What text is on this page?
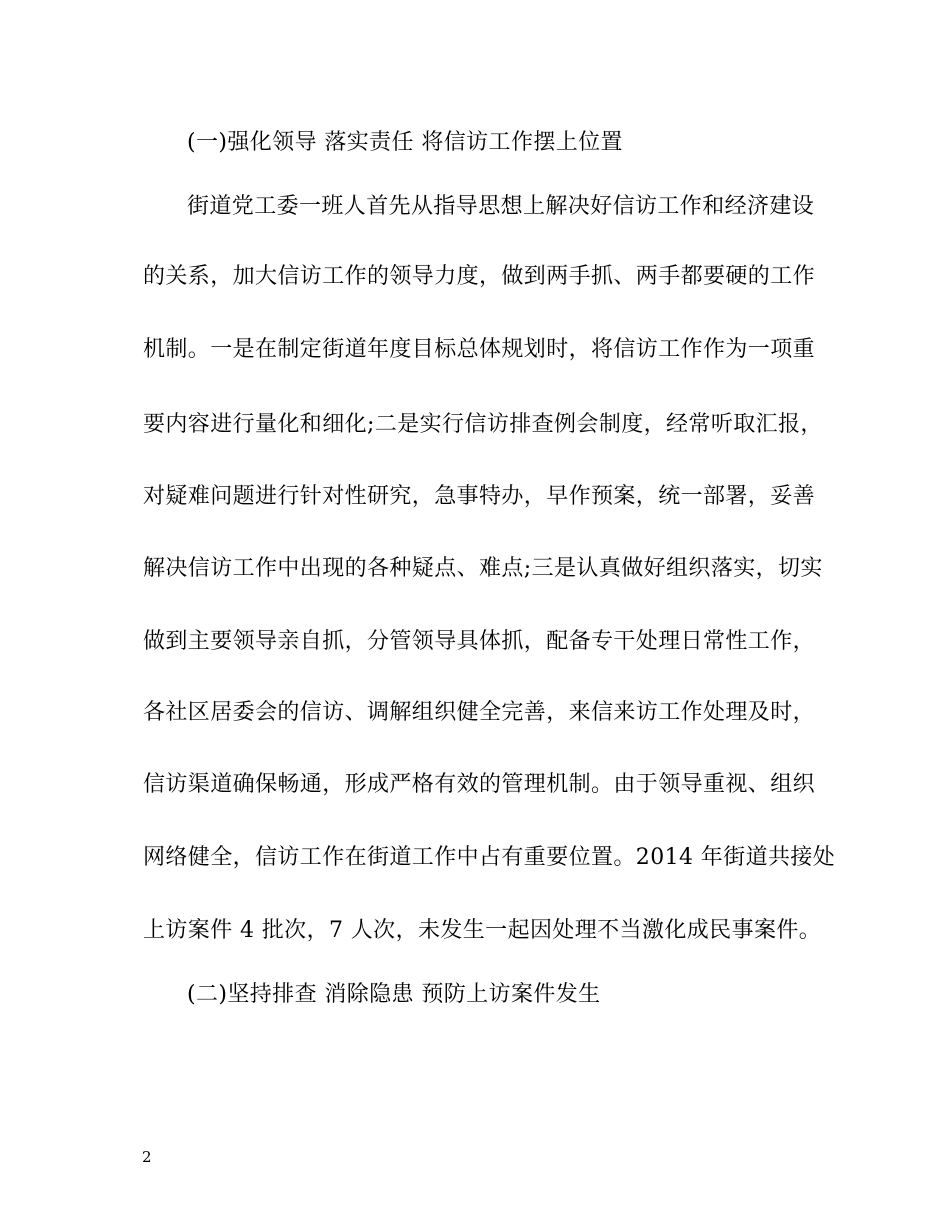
(一)强化领导 落实责任 将信访工作摆上位置
街道党工委一班人首先从指导思想上解决好信访工作和经济建设
的关系，加大信访工作的领导力度，做到两手抓、两手都要硬的工作
机制。一是在制定街道年度目标总体规划时，将信访工作作为一项重
要内容进行量化和细化;二是实行信访排查例会制度，经常听取汇报，
对疑难问题进行针对性研究，急事特办，早作预案，统一部署，妥善
解决信访工作中出现的各种疑点、难点;三是认真做好组织落实，切实
做到主要领导亲自抓，分管领导具体抓，配备专干处理日常性工作，
各社区居委会的信访、调解组织健全完善，来信来访工作处理及时，
信访渠道确保畅通，形成严格有效的管理机制。由于领导重视、组织
网络健全，信访工作在街道工作中占有重要位置。2014 年街道共接处
上访案件 4 批次，7 人次，未发生一起因处理不当激化成民事案件。
(二)坚持排查 消除隐患 预防上访案件发生
2
